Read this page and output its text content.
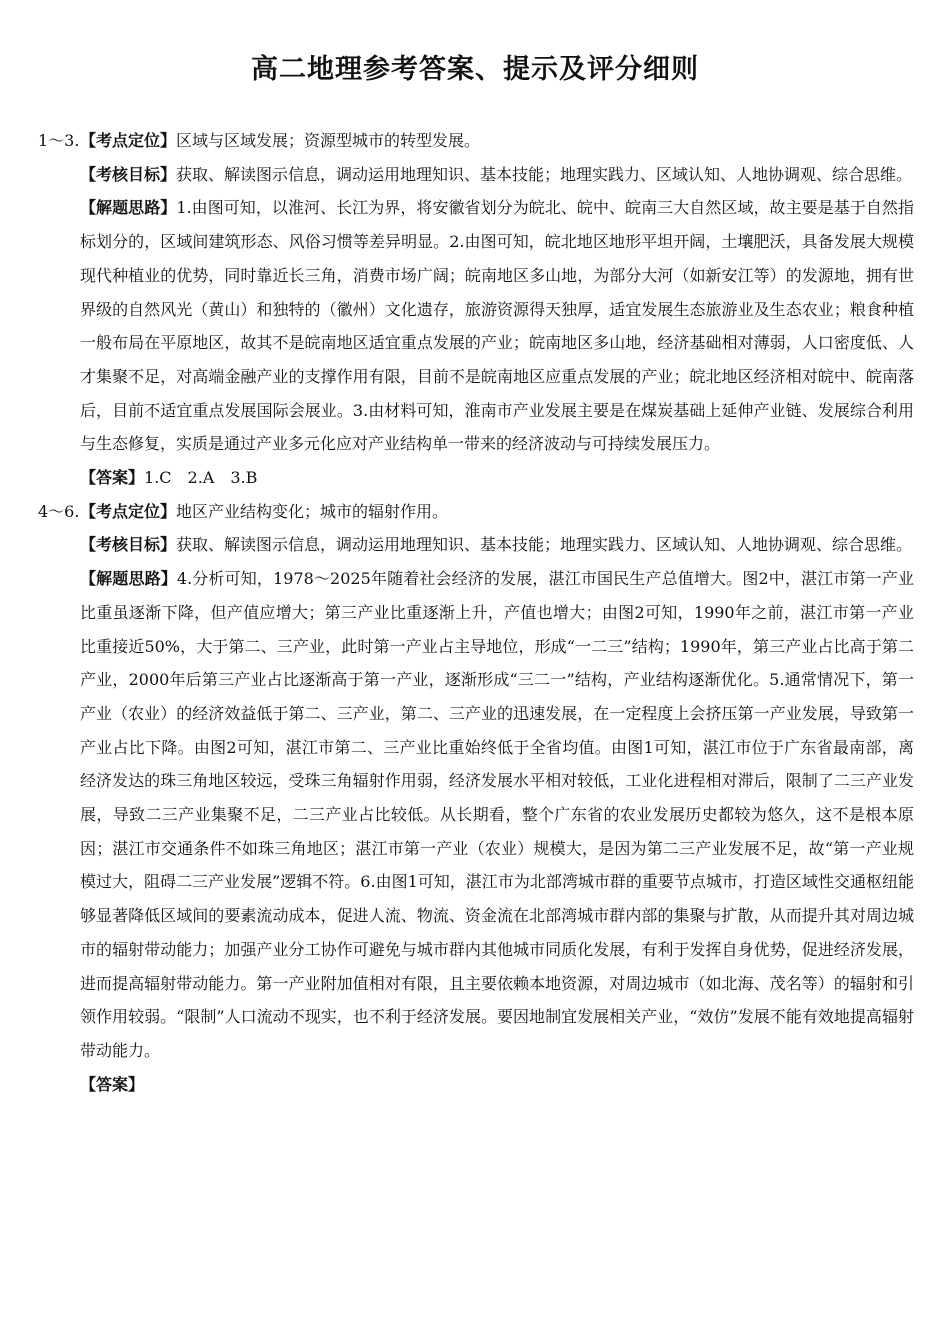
高二地理参考答案、提示及评分细则

1～3.【考点定位】区域与区域发展；资源型城市的转型发展。

【考核目标】获取、解读图示信息，调动运用地理知识、基本技能；地理实践力、区域认知、人地协调观、综合思维。

【解题思路】1.由图可知，以淮河、长江为界，将安徽省划分为皖北、皖中、皖南三大自然区域，故主要是基于自然指标划分的，区域间建筑形态、风俗习惯等差异明显。2.由图可知，皖北地区地形平坦开阔，土壤肥沃，具备发展大规模现代种植业的优势，同时靠近长三角，消费市场广阔；皖南地区多山地，为部分大河（如新安江等）的发源地，拥有世界级的自然风光（黄山）和独特的（徽州）文化遗存，旅游资源得天独厚，适宜发展生态旅游业及生态农业；粮食种植一般布局在平原地区，故其不是皖南地区适宜重点发展的产业；皖南地区多山地，经济基础相对薄弱，人口密度低、人才集聚不足，对高端金融产业的支撑作用有限，目前不是皖南地区应重点发展的产业；皖北地区经济相对皖中、皖南落后，目前不适宜重点发展国际会展业。3.由材料可知，淮南市产业发展主要是在煤炭基础上延伸产业链、发展综合利用与生态修复，实质是通过产业多元化应对产业结构单一带来的经济波动与可持续发展压力。

【答案】1.C　2.A　3.B

4～6.【考点定位】地区产业结构变化；城市的辐射作用。

【考核目标】获取、解读图示信息，调动运用地理知识、基本技能；地理实践力、区域认知、人地协调观、综合思维。

【解题思路】4.分析可知，1978～2025年随着社会经济的发展，湛江市国民生产总值增大。图2中，湛江市第一产业比重虽逐渐下降，但产值应增大；第三产业比重逐渐上升，产值也增大；由图2可知，1990年之前，湛江市第一产业比重接近50%，大于第二、三产业，此时第一产业占主导地位，形成“一二三”结构；1990年，第三产业占比高于第二产业，2000年后第三产业占比逐渐高于第一产业，逐渐形成“三二一”结构，产业结构逐渐优化。5.通常情况下，第一产业（农业）的经济效益低于第二、三产业，第二、三产业的迅速发展，在一定程度上会挤压第一产业发展，导致第一产业占比下降。由图2可知，湛江市第二、三产业比重始终低于全省均值。由图1可知，湛江市位于广东省最南部，离经济发达的珠三角地区较远，受珠三角辐射作用弱，经济发展水平相对较低，工业化进程相对滞后，限制了二三产业发展，导致二三产业集聚不足，二三产业占比较低。从长期看，整个广东省的农业发展历史都较为悠久，这不是根本原因；湛江市交通条件不如珠三角地区；湛江市第一产业（农业）规模大，是因为第二三产业发展不足，故“第一产业规模过大，阻碍二三产业发展”逻辑不符。6.由图1可知，湛江市为北部湾城市群的重要节点城市，打造区域性交通枢纽能够显著降低区域间的要素流动成本，促进人流、物流、资金流在北部湾城市群内部的集聚与扩散，从而提升其对周边城市的辐射带动能力；加强产业分工协作可避免与城市群内其他城市同质化发展，有利于发挥自身优势，促进经济发展，进而提高辐射带动能力。第一产业附加值相对有限，且主要依赖本地资源，对周边城市（如北海、茂名等）的辐射和引领作用较弱。“限制”人口流动不现实，也不利于经济发展。要因地制宜发展相关产业，“效仿”发展不能有效地提高辐射带动能力。

【答案】
